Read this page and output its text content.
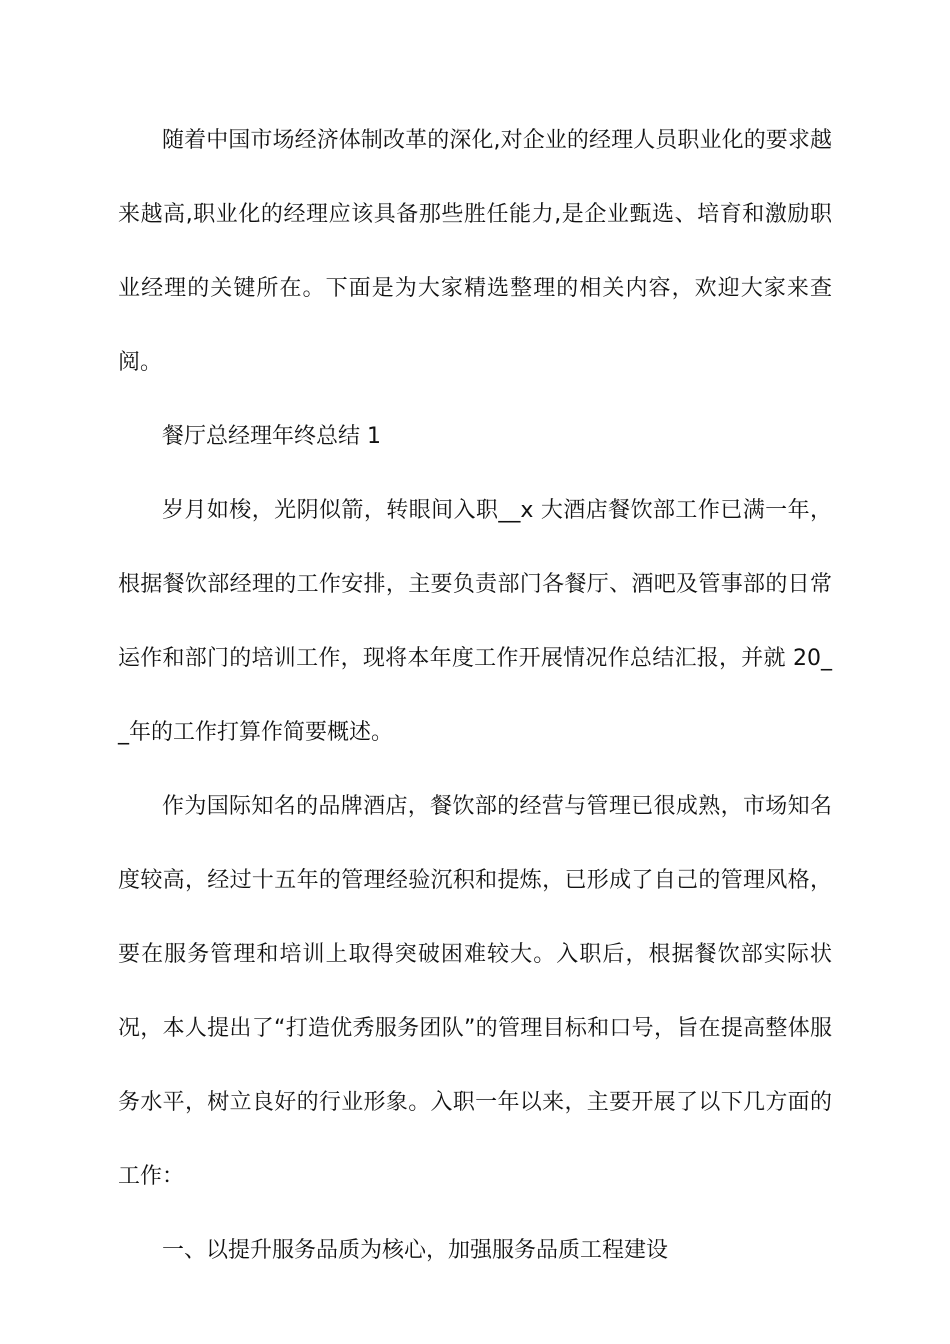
随着中国市场经济体制改革的深化,对企业的经理人员职业化的要求越来越高,职业化的经理应该具备那些胜任能力,是企业甄选、培育和激励职业经理的关键所在。下面是为大家精选整理的相关内容，欢迎大家来查阅。

餐厅总经理年终总结 1

岁月如梭，光阴似箭，转眼间入职__x 大酒店餐饮部工作已满一年，根据餐饮部经理的工作安排，主要负责部门各餐厅、酒吧及管事部的日常运作和部门的培训工作，现将本年度工作开展情况作总结汇报，并就 20__年的工作打算作简要概述。

作为国际知名的品牌酒店，餐饮部的经营与管理已很成熟，市场知名度较高，经过十五年的管理经验沉积和提炼，已形成了自己的管理风格，要在服务管理和培训上取得突破困难较大。入职后，根据餐饮部实际状况，本人提出了“打造优秀服务团队”的管理目标和口号，旨在提高整体服务水平，树立良好的行业形象。入职一年以来，主要开展了以下几方面的工作：

一、以提升服务品质为核心，加强服务品质工程建设
